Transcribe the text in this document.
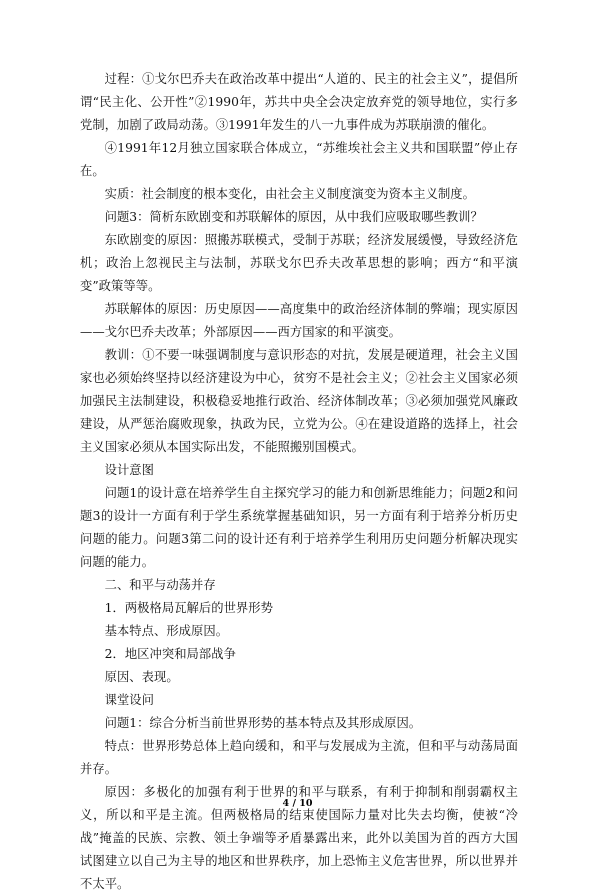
过程：①戈尔巴乔夫在政治改革中提出“人道的、民主的社会主义”，提倡所谓“民主化、公开性”②1990年，苏共中央全会决定放弃党的领导地位，实行多党制，加剧了政局动荡。③1991年发生的八一九事件成为苏联崩溃的催化。

④1991年12月独立国家联合体成立，“苏维埃社会主义共和国联盟”停止存在。

实质：社会制度的根本变化，由社会主义制度演变为资本主义制度。

问题3：简析东欧剧变和苏联解体的原因，从中我们应吸取哪些教训？

东欧剧变的原因：照搬苏联模式，受制于苏联；经济发展缓慢，导致经济危机；政治上忽视民主与法制，苏联戈尔巴乔夫改革思想的影响；西方“和平演变”政策等等。

苏联解体的原因：历史原因——高度集中的政治经济体制的弊端；现实原因——戈尔巴乔夫改革；外部原因——西方国家的和平演变。

教训：①不要一味强调制度与意识形态的对抗，发展是硬道理，社会主义国家也必须始终坚持以经济建设为中心，贫穷不是社会主义；②社会主义国家必须加强民主法制建设，积极稳妥地推行政治、经济体制改革；③必须加强党风廉政建设，从严惩治腐败现象，执政为民，立党为公。④在建设道路的选择上，社会主义国家必须从本国实际出发，不能照搬别国模式。

设计意图

问题1的设计意在培养学生自主探究学习的能力和创新思维能力；问题2和问题3的设计一方面有利于学生系统掌握基础知识，另一方面有利于培养分析历史问题的能力。问题3第二问的设计还有利于培养学生利用历史问题分析解决现实问题的能力。

二、和平与动荡并存

1．两极格局瓦解后的世界形势

基本特点、形成原因。

2．地区冲突和局部战争

原因、表现。

课堂设问

问题1：综合分析当前世界形势的基本特点及其形成原因。

特点：世界形势总体上趋向缓和，和平与发展成为主流，但和平与动荡局面并存。

原因：多极化的加强有利于世界的和平与联系，有利于抑制和削弱霸权主义，所以和平是主流。但两极格局的结束使国际力量对比失去均衡，使被“冷战”掩盖的民族、宗教、领土争端等矛盾暴露出来，此外以美国为首的西方大国试图建立以自己为主导的地区和世界秩序，加上恐怖主义危害世界，所以世界并不太平。

4 / 10
